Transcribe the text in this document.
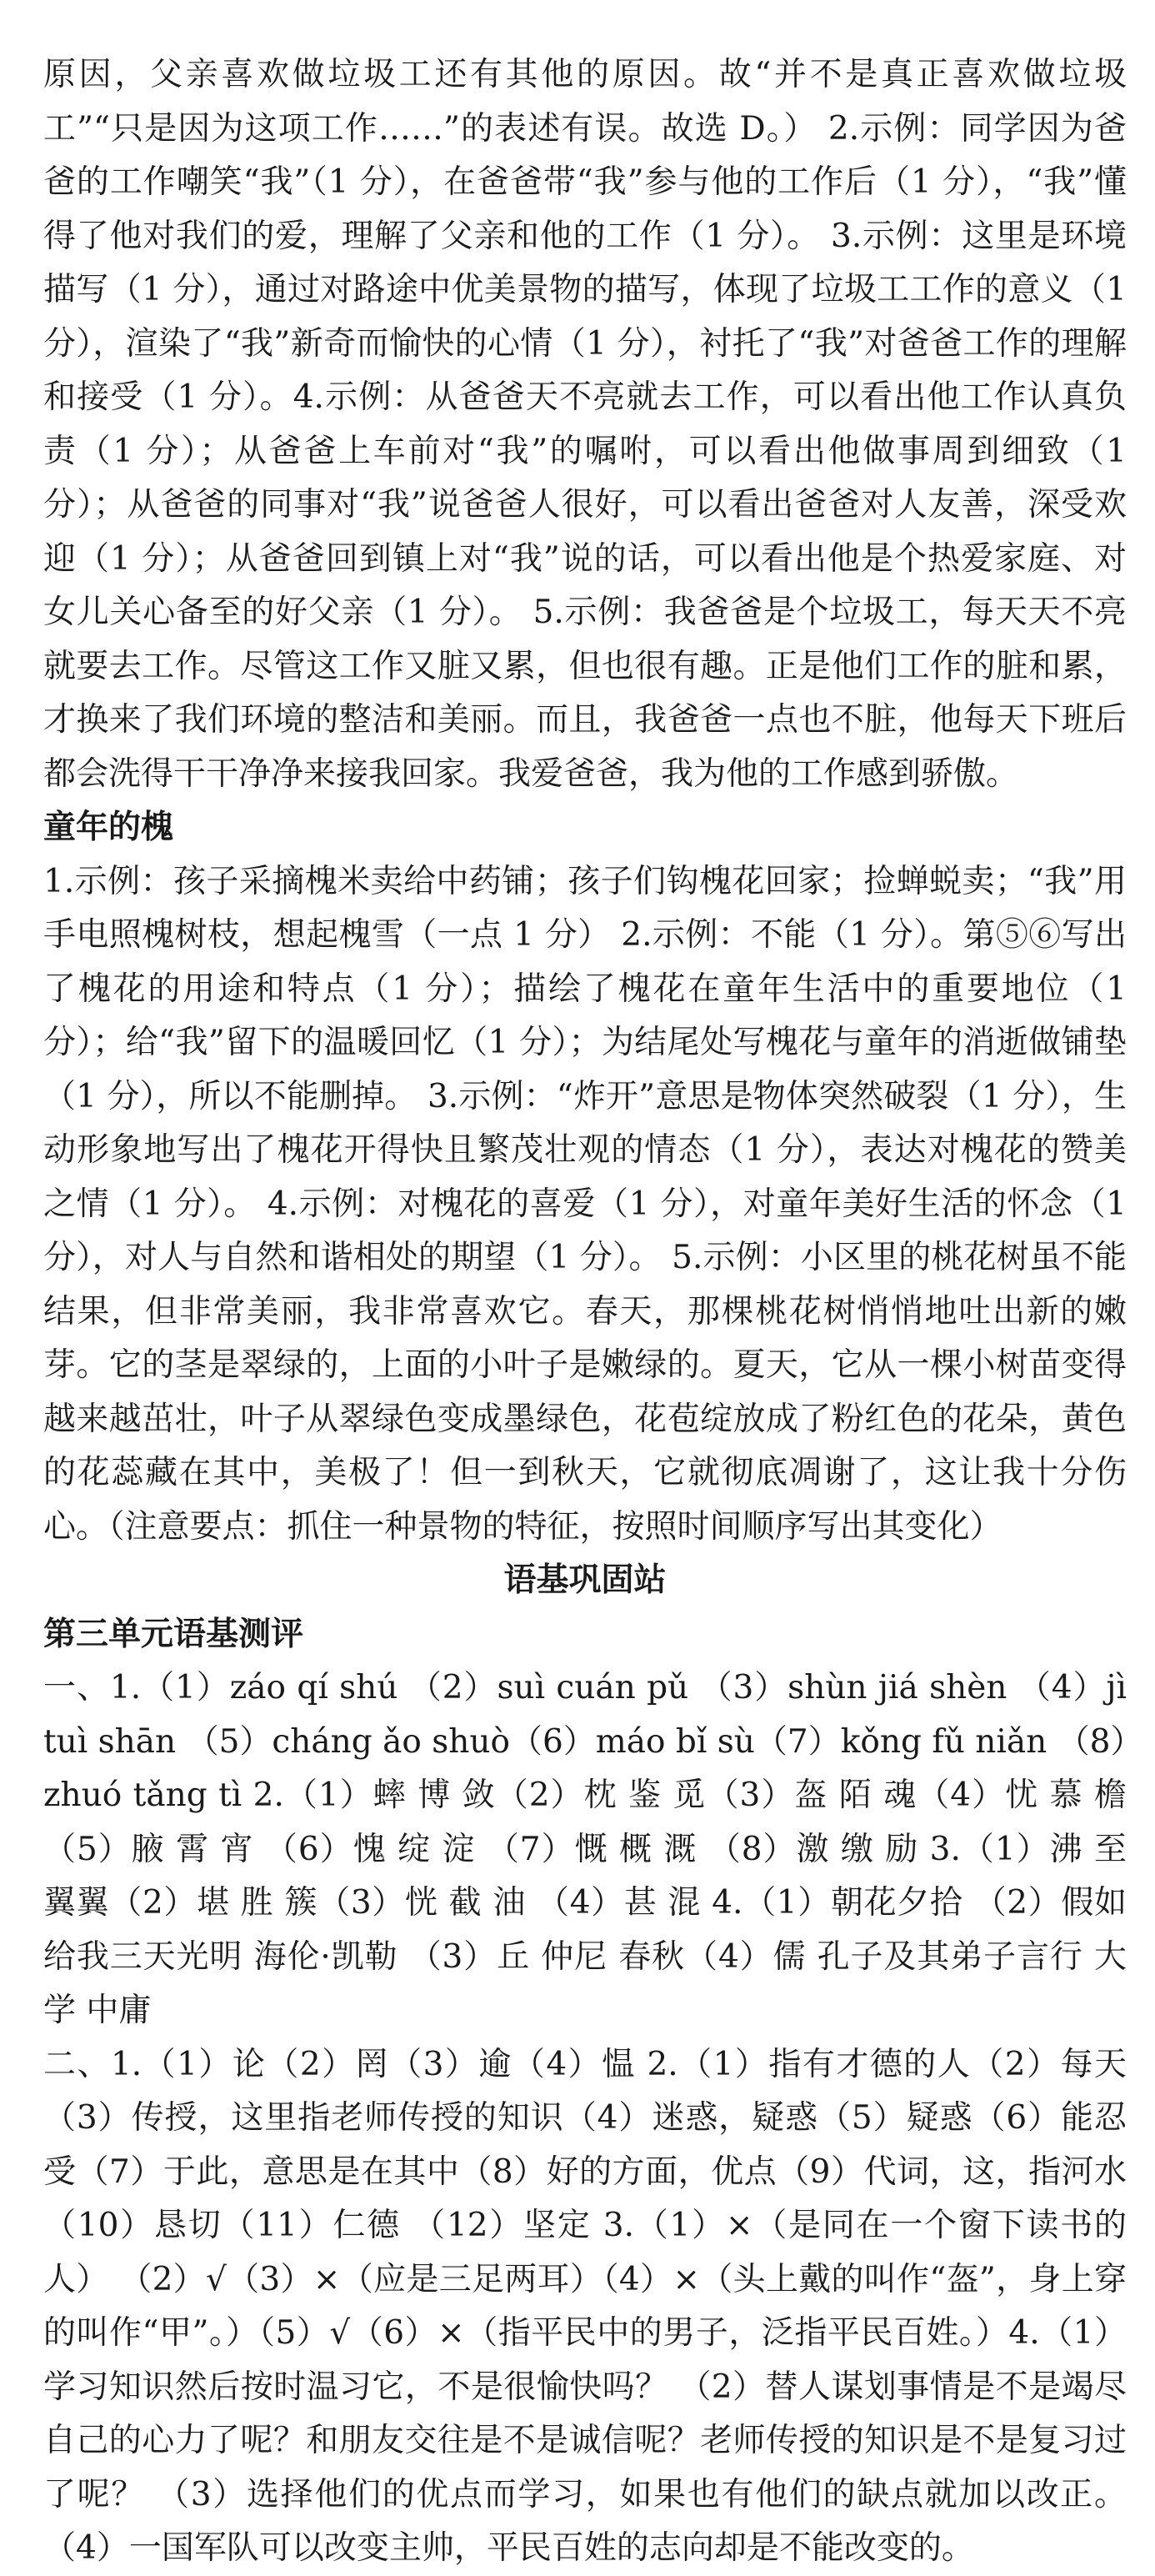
原因，父亲喜欢做垃圾工还有其他的原因。故“并不是真正喜欢做垃圾工”“只是因为这项工作……”的表述有误。故选 D。） 2.示例：同学因为爸爸的工作嘲笑“我”（1 分），在爸爸带“我”参与他的工作后（1 分），“我”懂得了他对我们的爱，理解了父亲和他的工作（1 分）。 3.示例：这里是环境描写（1 分），通过对路途中优美景物的描写，体现了垃圾工工作的意义（1 分），渲染了“我”新奇而愉快的心情（1 分），衬托了“我”对爸爸工作的理解和接受（1 分）。4.示例：从爸爸天不亮就去工作，可以看出他工作认真负责（1 分）；从爸爸上车前对“我”的嘱咐，可以看出他做事周到细致（1 分）；从爸爸的同事对“我”说爸爸人很好，可以看出爸爸对人友善，深受欢迎（1 分）；从爸爸回到镇上对“我”说的话，可以看出他是个热爱家庭、对女儿关心备至的好父亲（1 分）。 5.示例：我爸爸是个垃圾工，每天天不亮就要去工作。尽管这工作又脏又累，但也很有趣。正是他们工作的脏和累，才换来了我们环境的整洁和美丽。而且，我爸爸一点也不脏，他每天下班后都会洗得干干净净来接我回家。我爱爸爸，我为他的工作感到骄傲。

童年的槐

1.示例：孩子采摘槐米卖给中药铺；孩子们钩槐花回家；捡蝉蜕卖；“我”用手电照槐树枝，想起槐雪（一点 1 分） 2.示例：不能（1 分）。第⑤⑥写出了槐花的用途和特点（1 分）；描绘了槐花在童年生活中的重要地位（1 分）；给“我”留下的温暖回忆（1 分）；为结尾处写槐花与童年的消逝做铺垫（1 分），所以不能删掉。 3.示例：“炸开”意思是物体突然破裂（1 分），生动形象地写出了槐花开得快且繁茂壮观的情态（1 分），表达对槐花的赞美之情（1 分）。 4.示例：对槐花的喜爱（1 分），对童年美好生活的怀念（1 分），对人与自然和谐相处的期望（1 分）。 5.示例：小区里的桃花树虽不能结果，但非常美丽，我非常喜欢它。春天，那棵桃花树悄悄地吐出新的嫩芽。它的茎是翠绿的，上面的小叶子是嫩绿的。夏天，它从一棵小树苗变得越来越茁壮，叶子从翠绿色变成墨绿色，花苞绽放成了粉红色的花朵，黄色的花蕊藏在其中，美极了！但一到秋天，它就彻底凋谢了，这让我十分伤心。（注意要点：抓住一种景物的特征，按照时间顺序写出其变化）

语基巩固站

第三单元语基测评

一、1.（1）záo qí shú （2）suì cuán pǔ （3）shùn jiá shèn （4）jì tuì shān （5）cháng ǎo shuò（6）máo bǐ sù（7）kǒng fǔ niǎn （8）zhuó tǎng tì 2.（1）蟀 博 敛（2）枕 鉴 觅（3）盔 陌 魂（4）忧 慕 檐（5）腋 霄 宵 （6）愧 绽 淀 （7）慨 概 溉 （8）激 缴 励 3.（1）沸 至 翼翼（2）堪 胜 簇（3）恍 截 油 （4）甚 混 4.（1）朝花夕拾 （2）假如给我三天光明 海伦·凯勒 （3）丘 仲尼 春秋（4）儒 孔子及其弟子言行 大学 中庸

二、1.（1）论（2）罔（3）逾（4）愠 2.（1）指有才德的人（2）每天（3）传授，这里指老师传授的知识（4）迷惑，疑惑（5）疑惑（6）能忍受（7）于此，意思是在其中（8）好的方面，优点（9）代词，这，指河水（10）恳切（11）仁德 （12）坚定 3.（1）×（是同在一个窗下读书的人） （2）√（3）×（应是三足两耳）（4）×（头上戴的叫作“盔”，身上穿的叫作“甲”。）（5）√（6）×（指平民中的男子，泛指平民百姓。）4.（1）学习知识然后按时温习它，不是很愉快吗？ （2）替人谋划事情是不是竭尽自己的心力了呢？和朋友交往是不是诚信呢？老师传授的知识是不是复习过了呢？ （3）选择他们的优点而学习，如果也有他们的缺点就加以改正。（4）一国军队可以改变主帅，平民百姓的志向却是不能改变的。
